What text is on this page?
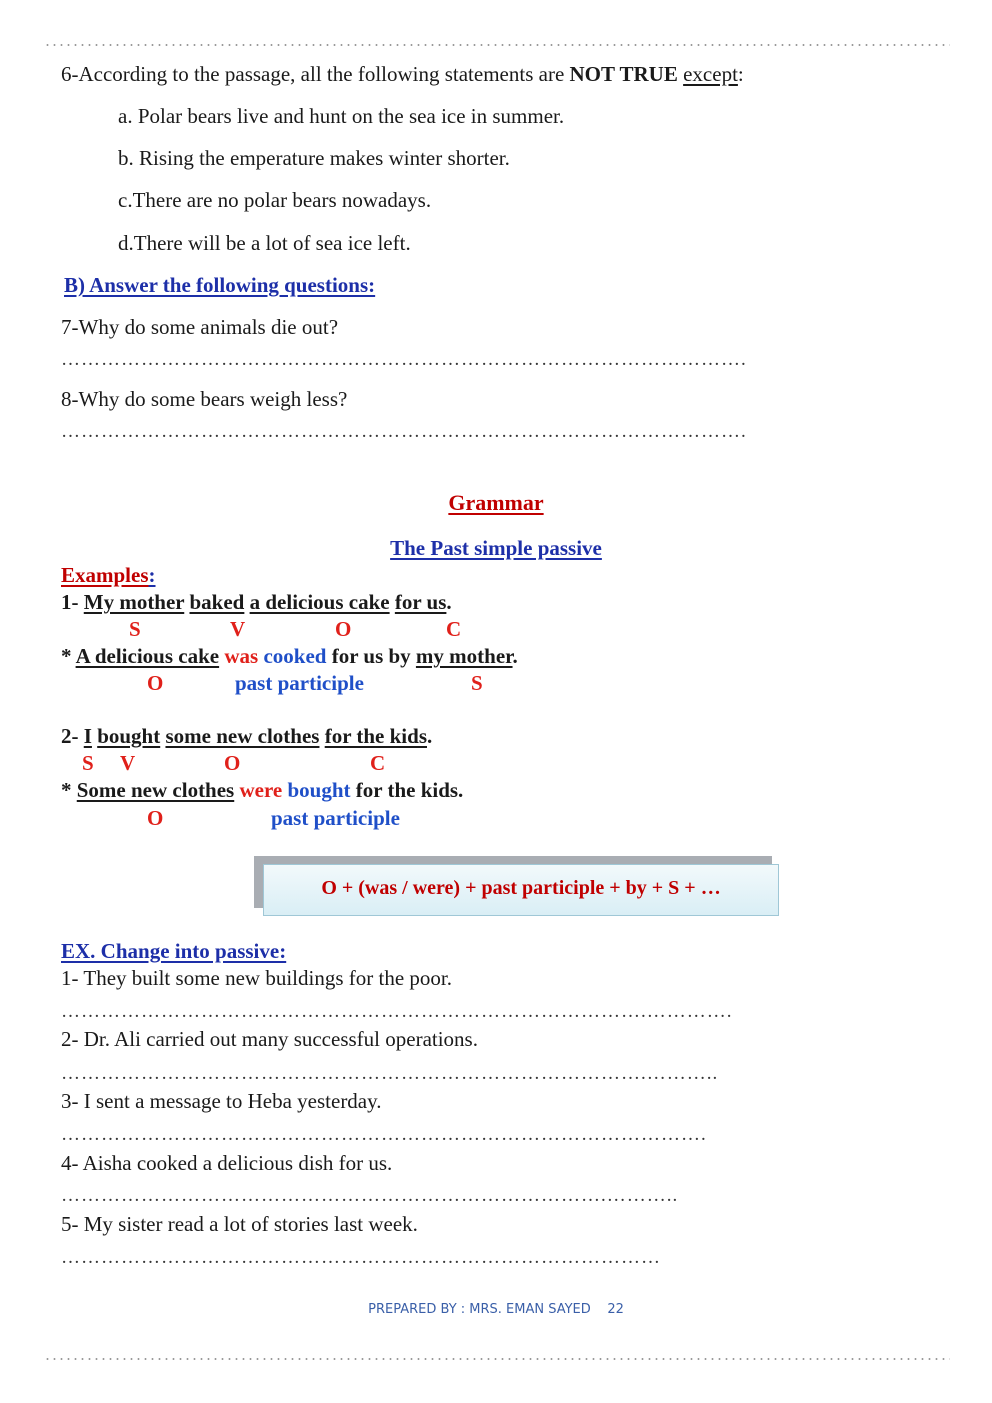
6-According to the passage, all the following statements are NOT TRUE except:
a. Polar bears live and hunt on the sea ice in summer.
b. Rising the emperature makes winter shorter.
c.There are no polar bears nowadays.
d.There will be a lot of sea ice left.
B) Answer the following questions:
7-Why do some animals die out?
………………………………………………………………………………………….
8-Why do some bears weigh less?
………………………………………………………………………………………….
Grammar
The Past simple passive
Examples:
1- My mother baked a delicious cake for us.
S	V	O	C
* A delicious cake was cooked for us by my mother.
O	past participle	S
2- I bought some new clothes for the kids.
S V	O	C
* Some new clothes were bought for the kids.
O	past participle
O + (was / were) + past participle + by + S + …
EX. Change into passive:
1- They built some new buildings for the poor.
…………………………………………………………………………….………….
2- Dr. Ali carried out many successful operations.
…………………………………………………………………………….………..
3- I sent a message to Heba yesterday.
…………………………………………………………………………………….
4- Aisha cooked a delicious dish for us.
……………………………………………………………………….………..
5- My sister read a lot of stories last week.
………………………………………………………………………………
PREPARED BY : MRS. EMAN SAYED 22
